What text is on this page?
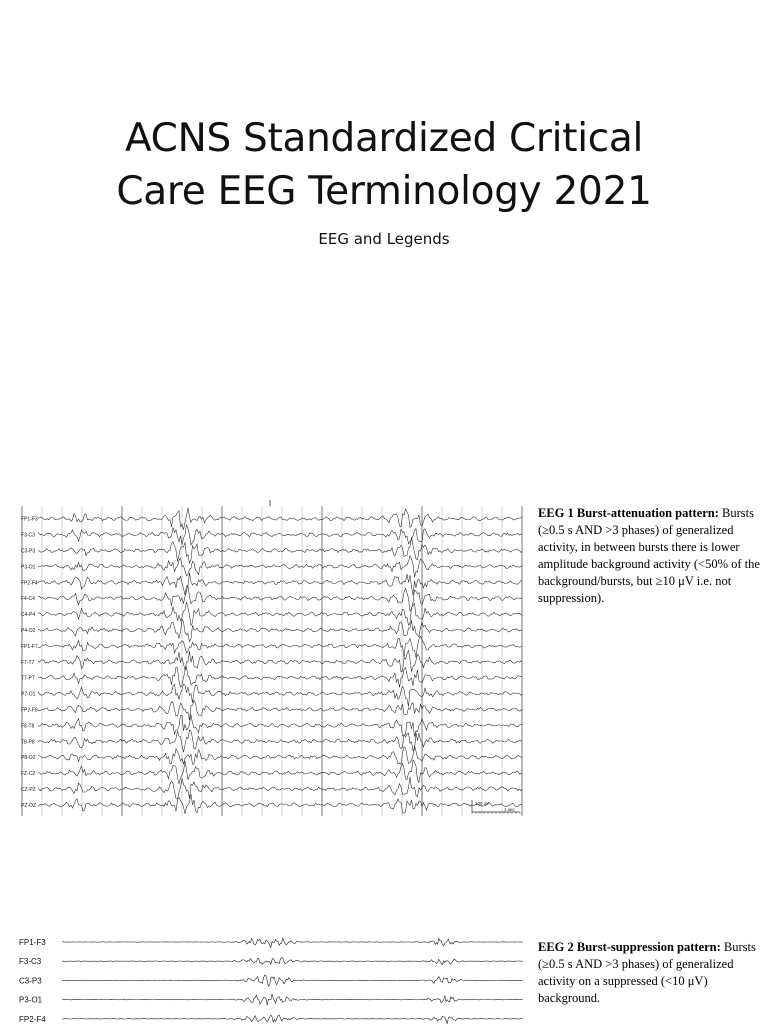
ACNS Standardized Critical
Care EEG Terminology 2021
EEG and Legends
FP1-F3
F3-C3
C3-P3
P3-O1
FP2-F4
F4-C4
C4-P4
P4-O2
FP1-F7
F7-T7
T7-P7
P7-O1
FP2-F8
F8-T8
T8-P8
P8-O2
FZ-CZ
CZ-PZ
PZ-OZ	100 uV
1 sec
EEG 1 Burst-attenuation pattern: Bursts (≥0.5 s AND >3 phases) of generalized activity, in between bursts there is lower amplitude background activity (<50% of the background/bursts, but ≥10 μV i.e. not suppression).
FP1-F3
F3-C3
C3-P3
P3-O1
FP2-F4
EEG 2 Burst-suppression pattern: Bursts (≥0.5 s AND >3 phases) of generalized activity on a suppressed (<10 μV) background.
